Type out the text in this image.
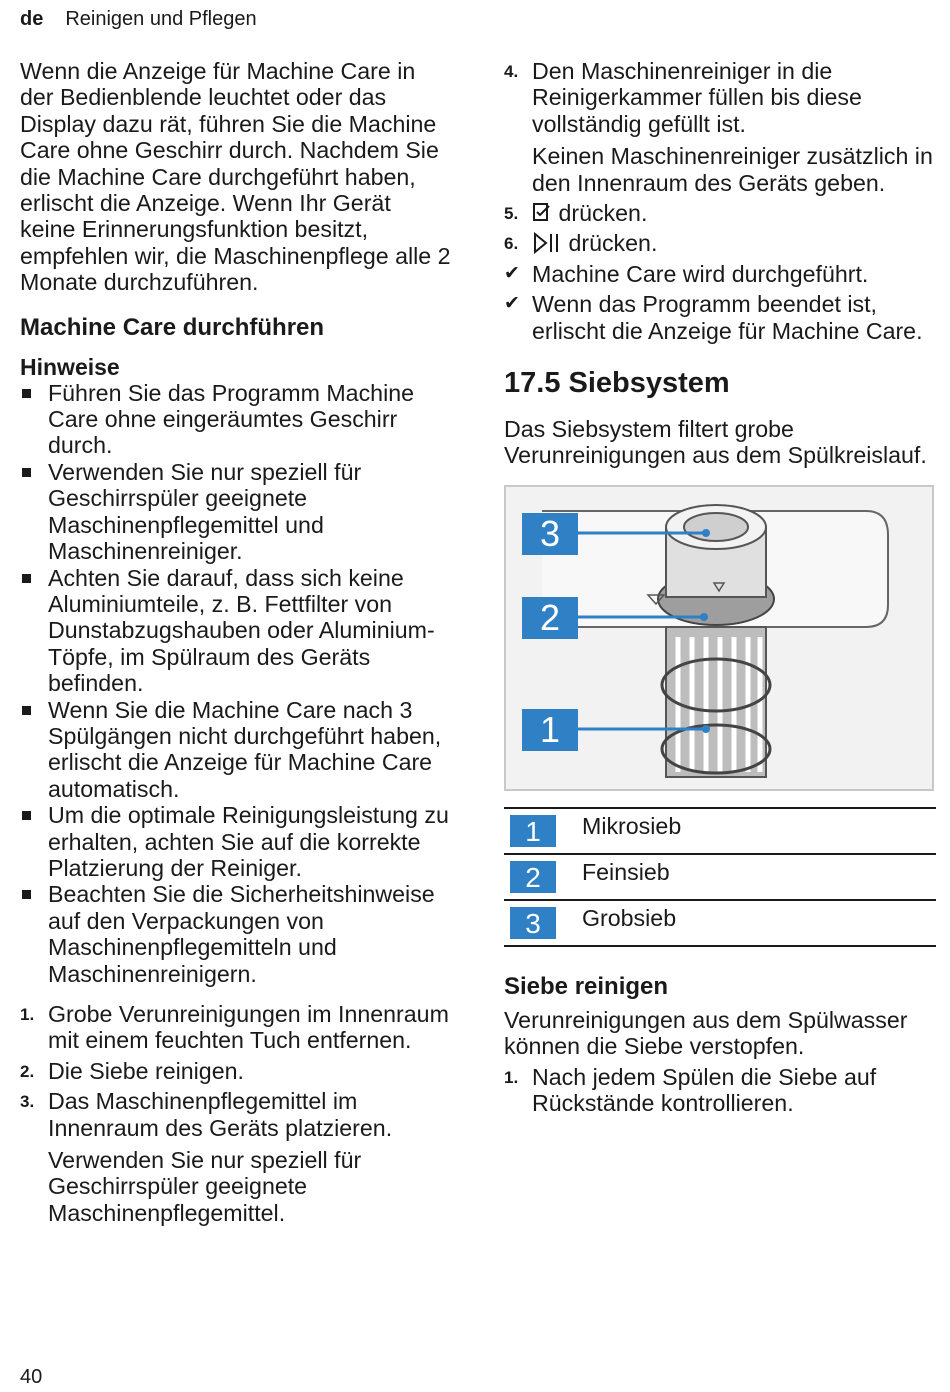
de Reinigen und Pflegen

Wenn die Anzeige für Machine Care in der Bedienblende leuchtet oder das Display dazu rät, führen Sie die Machine Care ohne Geschirr durch. Nachdem Sie die Machine Care durchgeführt haben, erlischt die Anzeige. Wenn Ihr Gerät keine Erinnerungsfunktion besitzt, empfehlen wir, die Maschinenpflege alle 2 Monate durchzuführen.

Machine Care durchführen
Hinweise
Führen Sie das Programm Machine Care ohne eingeräumtes Geschirr durch.
Verwenden Sie nur speziell für Geschirrspüler geeignete Maschinenpflegemittel und Maschinenreiniger.
Achten Sie darauf, dass sich keine Aluminiumteile, z. B. Fettfilter von Dunstabzugshauben oder Aluminium-Töpfe, im Spülraum des Geräts befinden.
Wenn Sie die Machine Care nach 3 Spülgängen nicht durchgeführt haben, erlischt die Anzeige für Machine Care automatisch.
Um die optimale Reinigungsleistung zu erhalten, achten Sie auf die korrekte Platzierung der Reiniger.
Beachten Sie die Sicherheitshinweise auf den Verpackungen von Maschinenpflegemitteln und Maschinenreinigern.
1. Grobe Verunreinigungen im Innenraum mit einem feuchten Tuch entfernen.
2. Die Siebe reinigen.
3. Das Maschinenpflegemittel im Innenraum des Geräts platzieren.
Verwenden Sie nur speziell für Geschirrspüler geeignete Maschinenpflegemittel.
4. Den Maschinenreiniger in die Reinigerkammer füllen bis diese vollständig gefüllt ist.
Keinen Maschinenreiniger zusätzlich in den Innenraum des Geräts geben.
5. drücken.
6. drücken.
✔ Machine Care wird durchgeführt.
✔ Wenn das Programm beendet ist, erlischt die Anzeige für Machine Care.
17.5 Siebsystem

Das Siebsystem filtert grobe Verunreinigungen aus dem Spülkreislauf.

3
2
1
1	Mikrosieb
2	Feinsieb
3	Grobsieb
Siebe reinigen

Verunreinigungen aus dem Spülwasser können die Siebe verstopfen.

1. Nach jedem Spülen die Siebe auf Rückstände kontrollieren.
40
